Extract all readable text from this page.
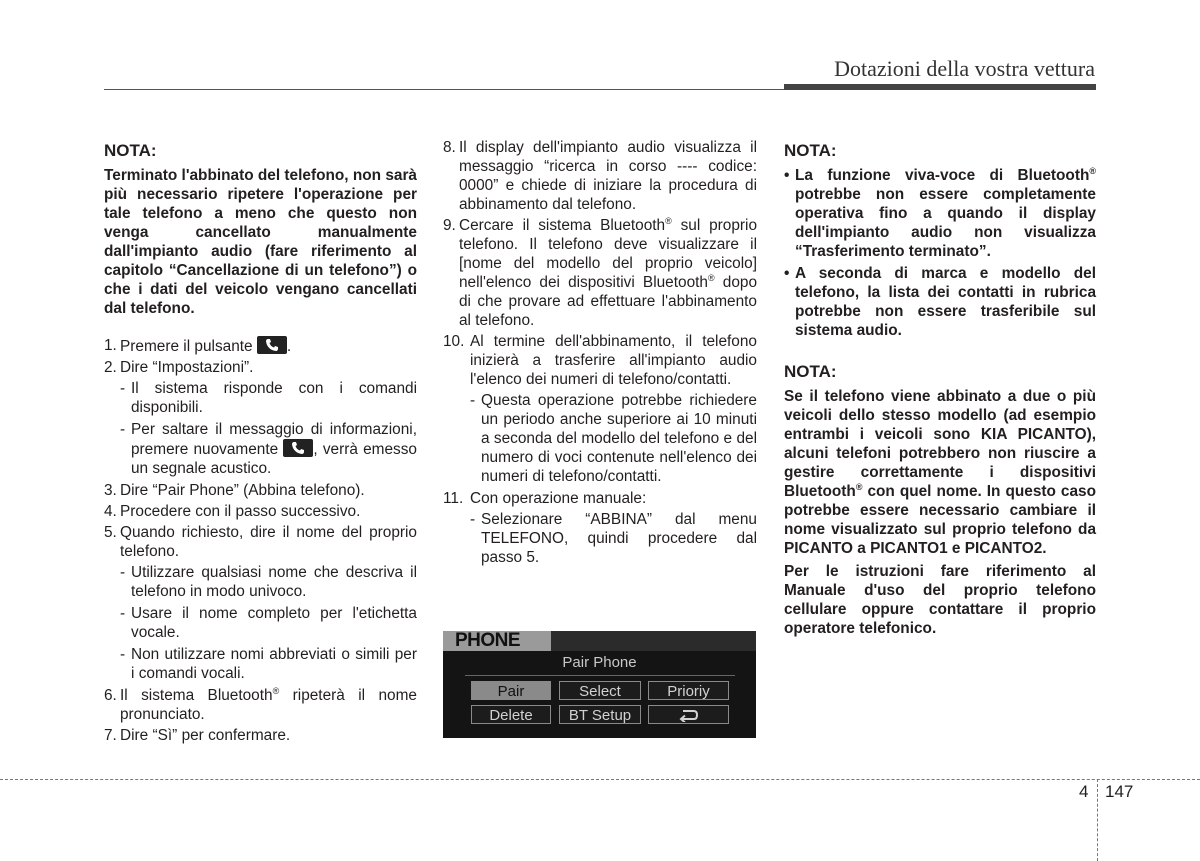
Dotazioni della vostra vettura
NOTA:

Terminato l'abbinato del telefono, non sarà più necessario ripetere l'operazione per tale telefono a meno che questo non venga cancellato manualmente dall'impianto audio (fare riferimento al capitolo “Cancellazione di un telefono”) o che i dati del veicolo vengano cancellati dal telefono.

1. Premere il pulsante
.
2. Dire “Impostazioni”.
- Il sistema risponde con i comandi disponibili.
- Per saltare il messaggio di informazioni, premere nuovamente , verrà emesso un segnale acustico.
3. Dire “Pair Phone” (Abbina telefono).
4. Procedere con il passo successivo.
5. Quando richiesto, dire il nome del proprio telefono.
- Utilizzare qualsiasi nome che descriva il telefono in modo univoco.
- Usare il nome completo per l'etichetta vocale.
- Non utilizzare nomi abbreviati o simili per i comandi vocali.
6. Il sistema Bluetooth® ripeterà il nome pronunciato.
7. Dire “Sì” per confermare.
8. Il display dell'impianto audio visualizza il messaggio “ricerca in corso ---- codice: 0000” e chiede di iniziare la procedura di abbinamento dal telefono.
9. Cercare il sistema Bluetooth® sul proprio telefono. Il telefono deve visualizzare il [nome del modello del proprio veicolo] nell'elenco dei dispositivi Bluetooth® dopo di che provare ad effettuare l'abbinamento al telefono.
10. Al termine dell'abbinamento, il telefono inizierà a trasferire all'impianto audio l'elenco dei numeri di telefono/contatti.
- Questa operazione potrebbe richiedere un periodo anche superiore ai 10 minuti a seconda del modello del telefono e del numero di voci contenute nell'elenco dei numeri di telefono/contatti.
11. Con operazione manuale:
- Selezionare “ABBINA” dal menu TELEFONO, quindi procedere dal passo 5.
PHONE
Pair Phone
Pair	Select	Prioriy
Delete	BT Setup
NOTA:
• La funzione viva-voce di Bluetooth® potrebbe non essere completamente operativa fino a quando il display dell'impianto audio non visualizza “Trasferimento terminato”.
• A seconda di marca e modello del telefono, la lista dei contatti in rubrica potrebbe non essere trasferibile sul sistema audio.
NOTA:

Se il telefono viene abbinato a due o più veicoli dello stesso modello (ad esempio entrambi i veicoli sono KIA PICANTO), alcuni telefoni potrebbero non riuscire a gestire correttamente i dispositivi Bluetooth® con quel nome. In questo caso potrebbe essere necessario cambiare il nome visualizzato sul proprio telefono da PICANTO a PICANTO1 e PICANTO2.

Per le istruzioni fare riferimento al Manuale d'uso del proprio telefono cellulare oppure contattare il proprio operatore telefonico.

4 147
